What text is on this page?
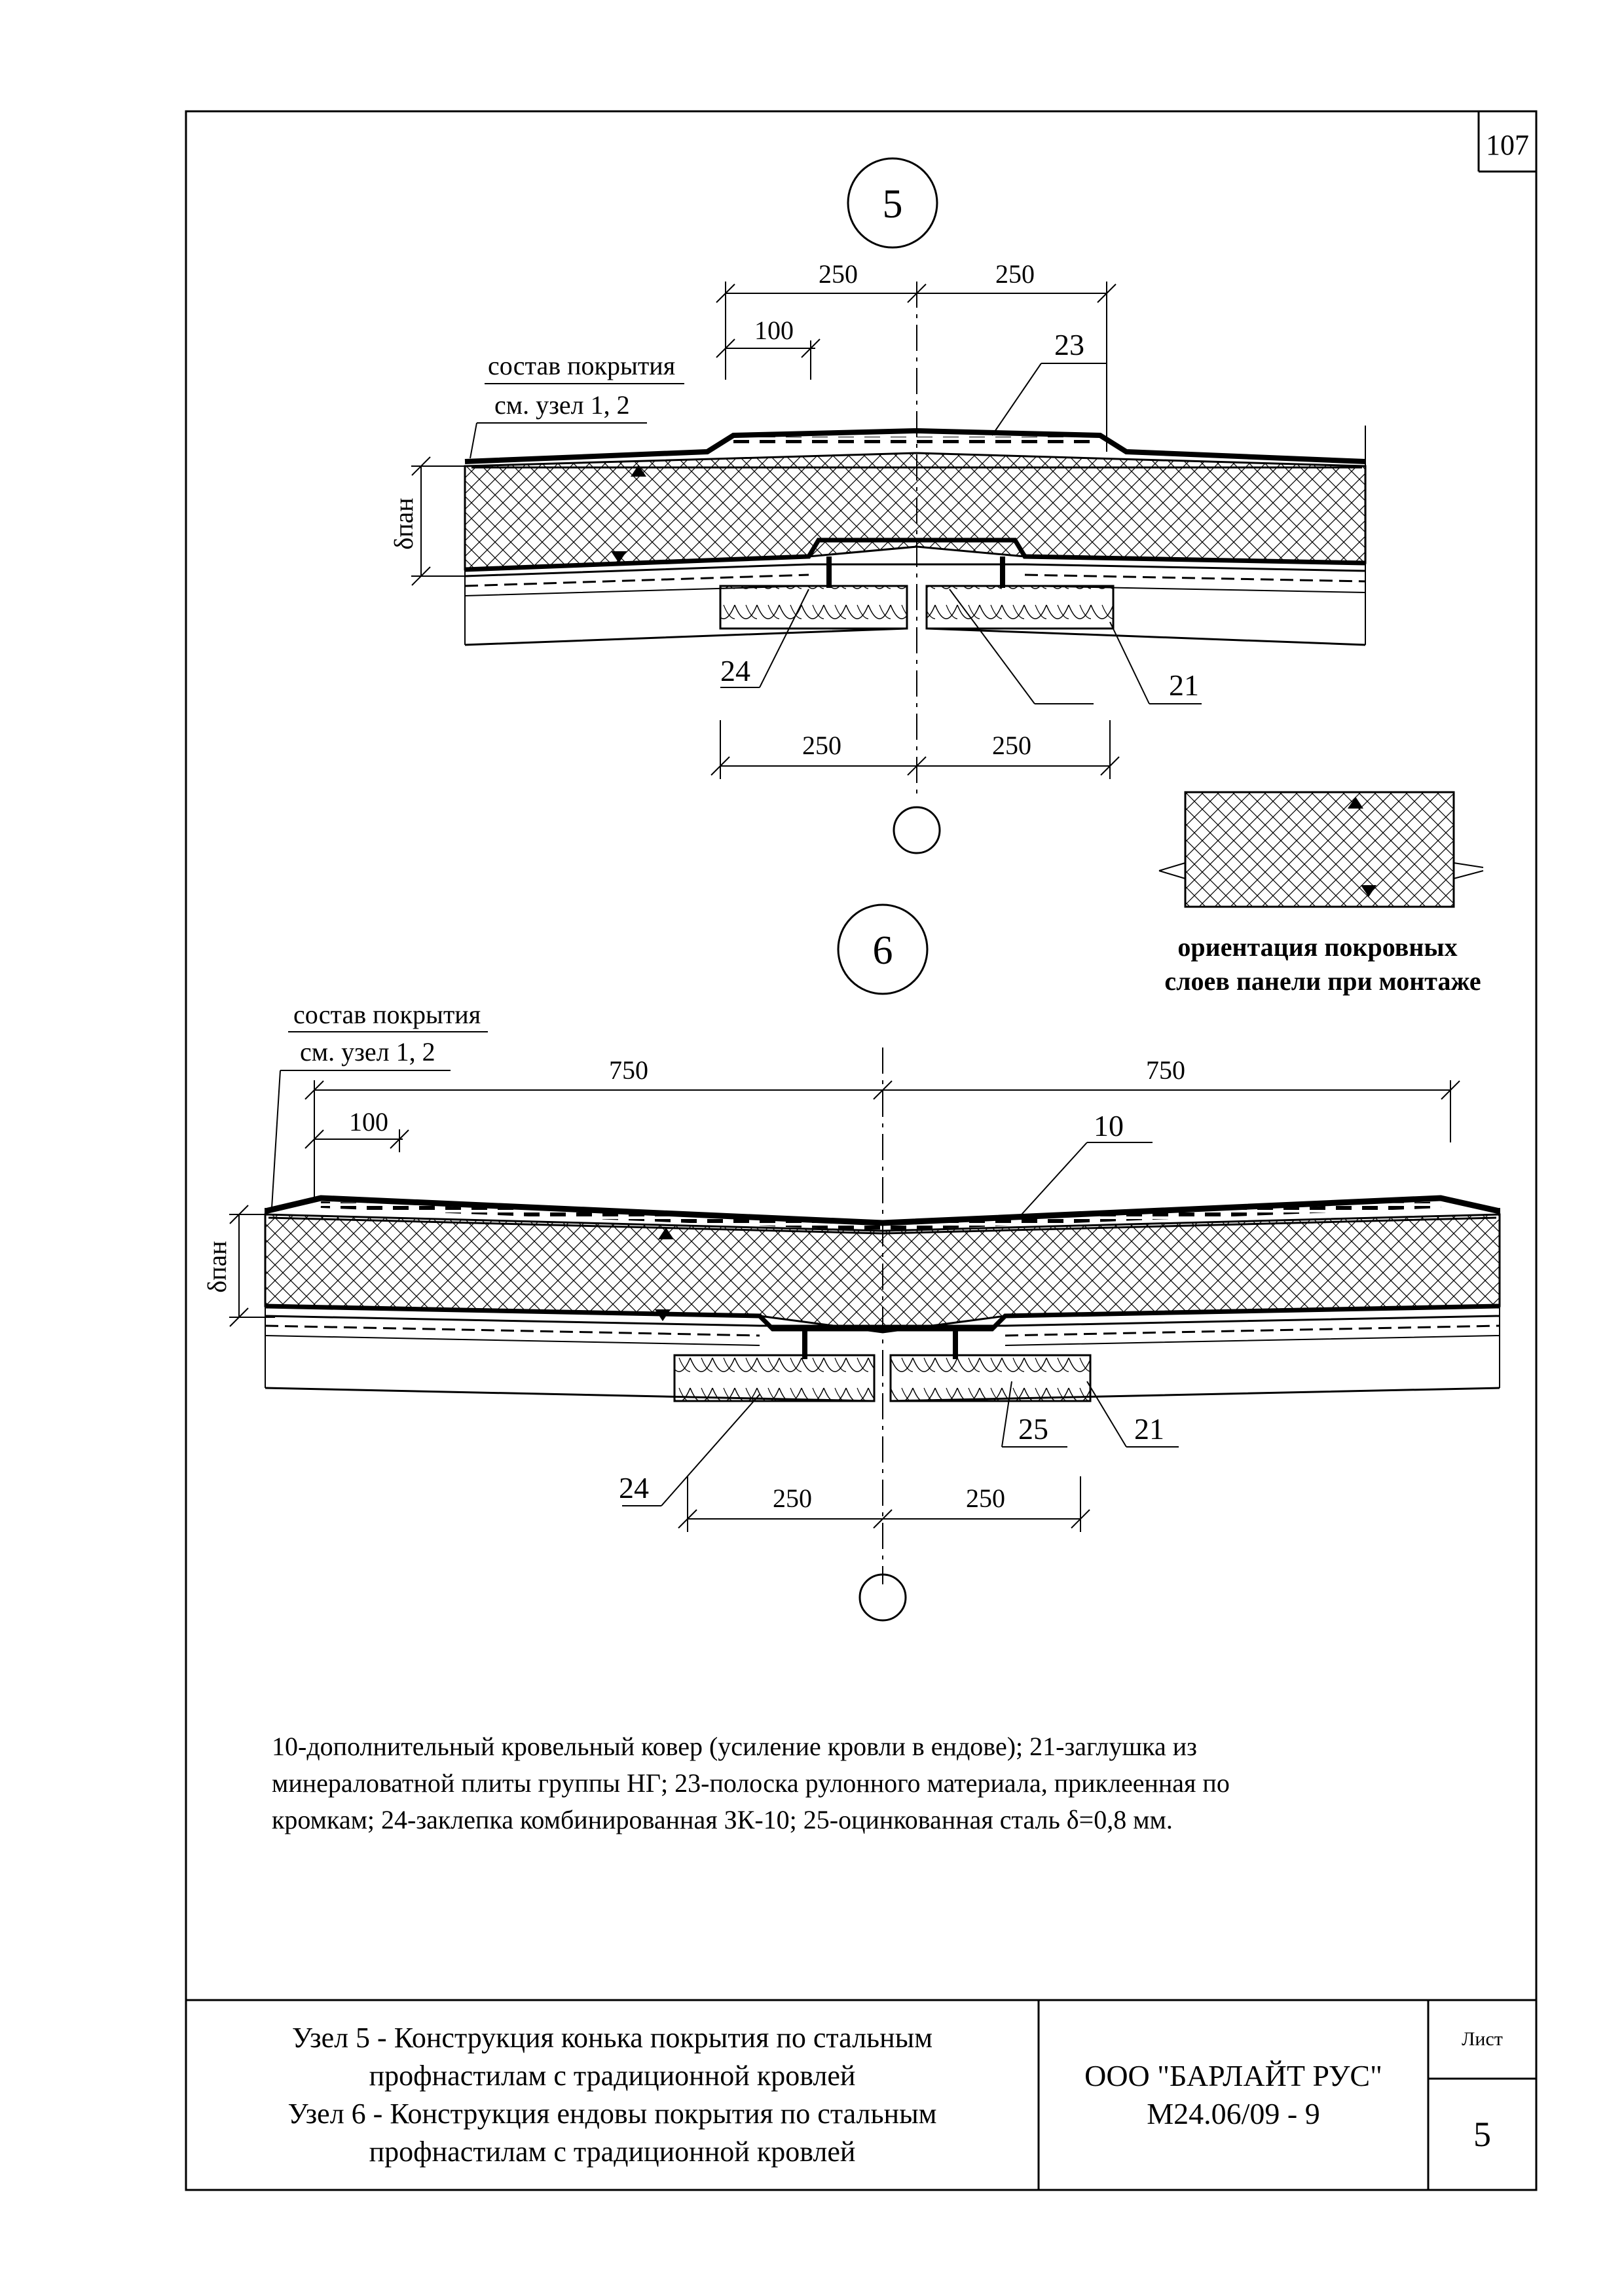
5
250	250
100
состав покрытия
см. узел 1, 2
δпан
23
24	21
250	250
ориентация покровных
слоев панели при монтаже
6
состав покрытия
см. узел 1, 2
750	750
100
δпан
10
25	21
24	250	250
107

10-дополнительный кровельный ковер (усиление кровли в ендове); 21-заглушка из

минераловатной плиты группы НГ; 23-полоска рулонного материала, приклеенная по

кромкам; 24-заклепка комбинированная ЗК-10; 25-оцинкованная сталь δ=0,8 мм.

Узел 5 - Конструкция конька покрытия по стальным
профнастилам с традиционной кровлей
Узел 6 - Конструкция ендовы покрытия по стальным
профнастилам с традиционной кровлей
ООО "БАРЛАЙТ РУС"
М24.06/09 - 9
Лист
5
